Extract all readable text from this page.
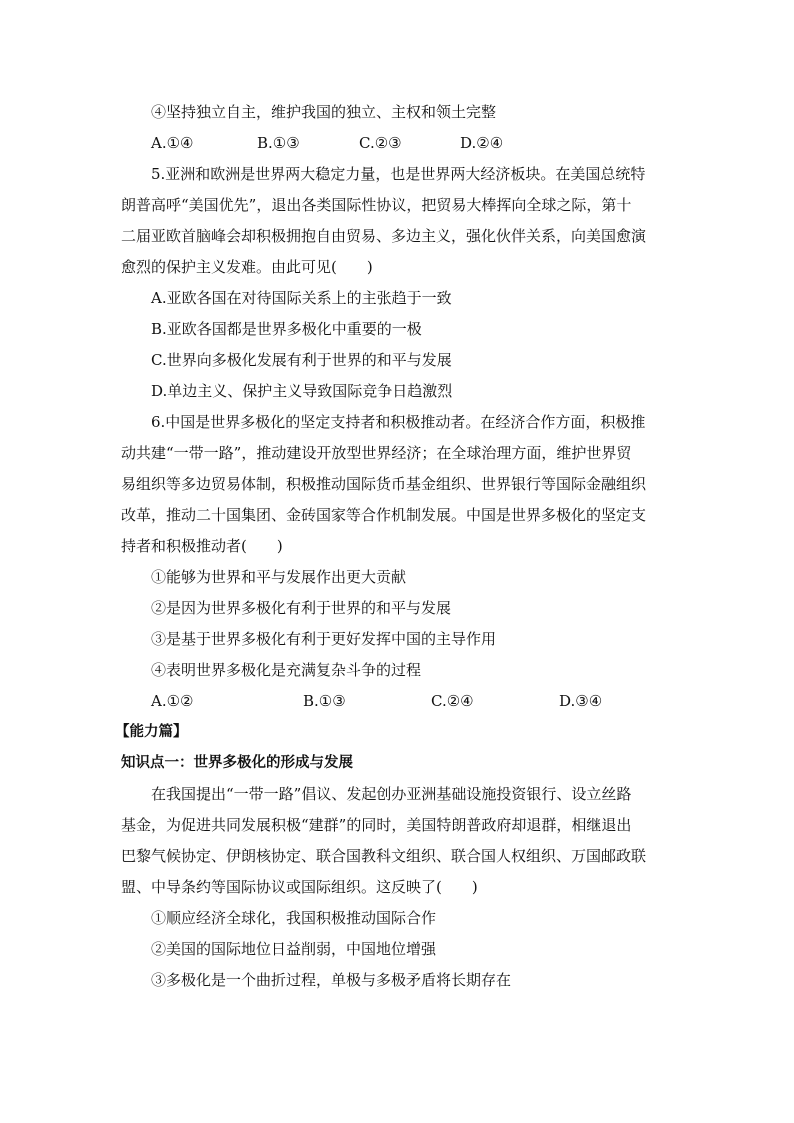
④坚持独立自主，维护我国的独立、主权和领土完整
A.①④	B.①③	C.②③	D.②④
5.亚洲和欧洲是世界两大稳定力量，也是世界两大经济板块。在美国总统特
朗普高呼“美国优先”，退出各类国际性协议，把贸易大棒挥向全球之际，第十
二届亚欧首脑峰会却积极拥抱自由贸易、多边主义，强化伙伴关系，向美国愈演
愈烈的保护主义发难。由此可见(　　)
A.亚欧各国在对待国际关系上的主张趋于一致
B.亚欧各国都是世界多极化中重要的一极
C.世界向多极化发展有利于世界的和平与发展
D.单边主义、保护主义导致国际竞争日趋激烈
6.中国是世界多极化的坚定支持者和积极推动者。在经济合作方面，积极推
动共建“一带一路”，推动建设开放型世界经济；在全球治理方面，维护世界贸
易组织等多边贸易体制，积极推动国际货币基金组织、世界银行等国际金融组织
改革，推动二十国集团、金砖国家等合作机制发展。中国是世界多极化的坚定支
持者和积极推动者(　　)
①能够为世界和平与发展作出更大贡献
②是因为世界多极化有利于世界的和平与发展
③是基于世界多极化有利于更好发挥中国的主导作用
④表明世界多极化是充满复杂斗争的过程
A.①②	B.①③	C.②④	D.③④
【能力篇】
知识点一：世界多极化的形成与发展
在我国提出“一带一路”倡议、发起创办亚洲基础设施投资银行、设立丝路
基金，为促进共同发展积极“建群”的同时，美国特朗普政府却退群，相继退出
巴黎气候协定、伊朗核协定、联合国教科文组织、联合国人权组织、万国邮政联
盟、中导条约等国际协议或国际组织。这反映了(　　)
①顺应经济全球化，我国积极推动国际合作
②美国的国际地位日益削弱，中国地位增强
③多极化是一个曲折过程，单极与多极矛盾将长期存在
